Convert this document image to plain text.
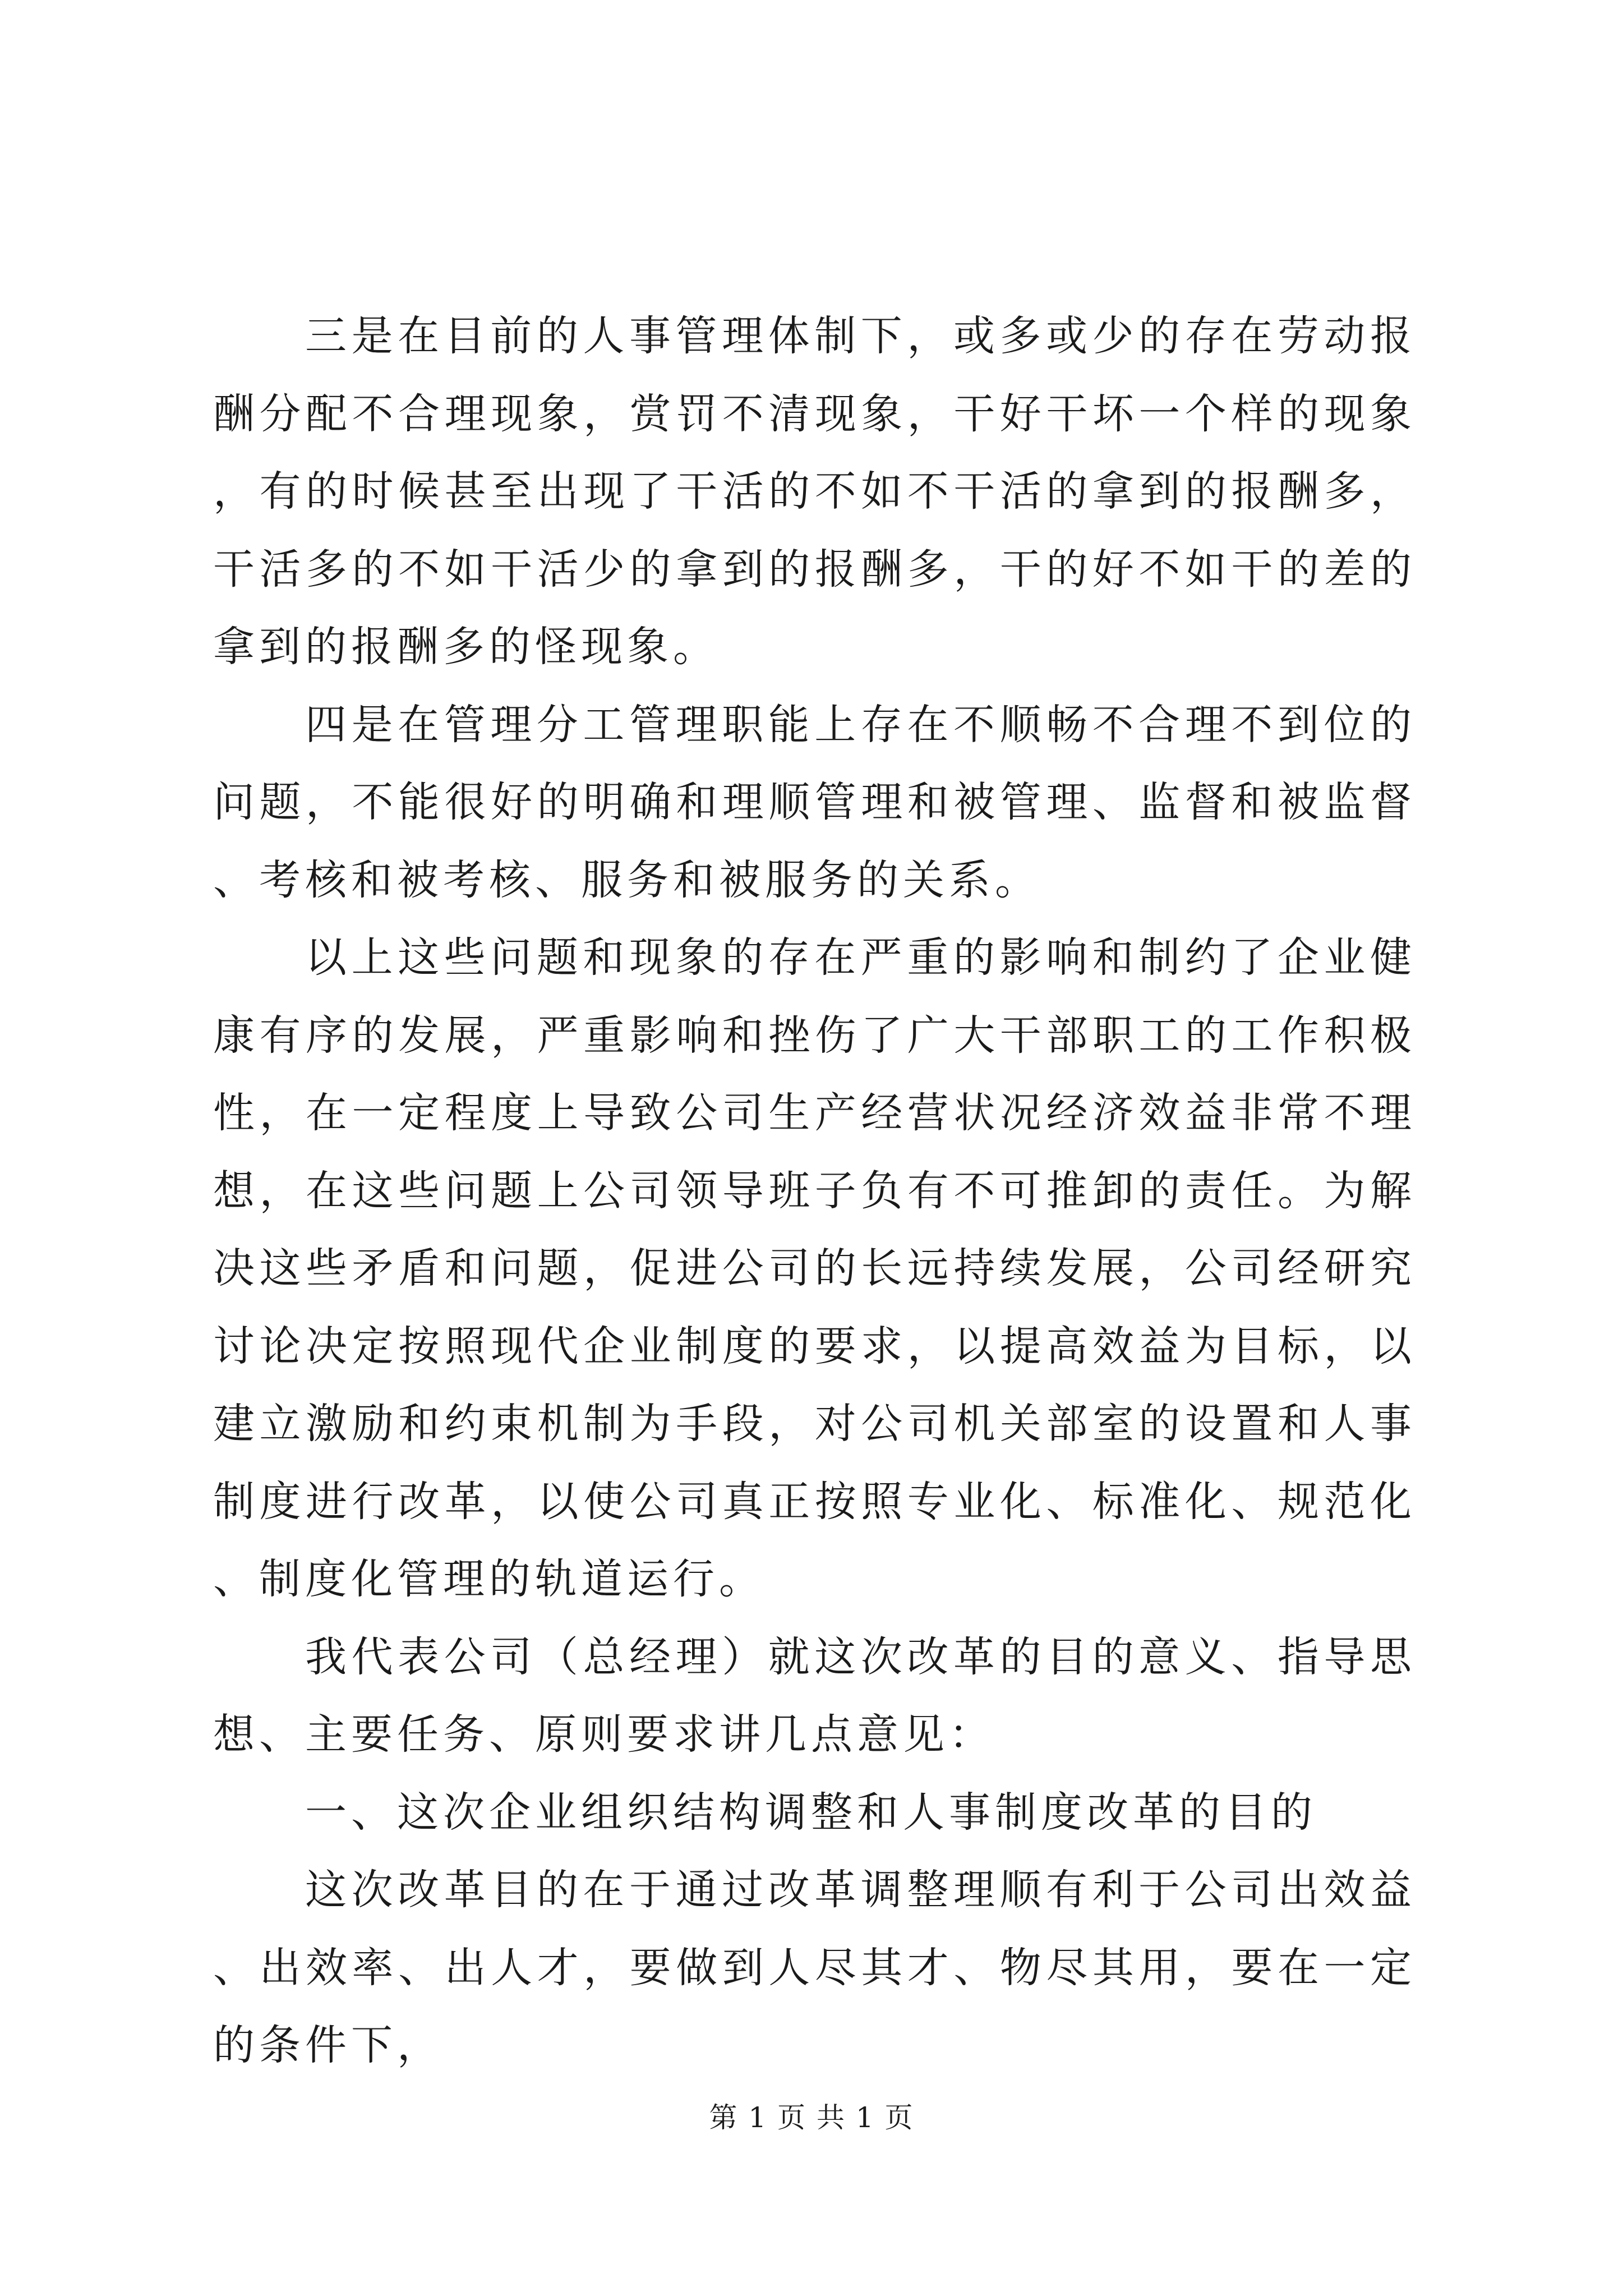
三是在目前的人事管理体制下，或多或少的存在劳动报酬分配不合理现象，赏罚不清现象，干好干坏一个样的现象，有的时候甚至出现了干活的不如不干活的拿到的报酬多，干活多的不如干活少的拿到的报酬多，干的好不如干的差的拿到的报酬多的怪现象。

四是在管理分工管理职能上存在不顺畅不合理不到位的问题，不能很好的明确和理顺管理和被管理、监督和被监督、考核和被考核、服务和被服务的关系。

以上这些问题和现象的存在严重的影响和制约了企业健康有序的发展，严重影响和挫伤了广大干部职工的工作积极性，在一定程度上导致公司生产经营状况经济效益非常不理想，在这些问题上公司领导班子负有不可推卸的责任。为解决这些矛盾和问题，促进公司的长远持续发展，公司经研究讨论决定按照现代企业制度的要求，以提高效益为目标，以建立激励和约束机制为手段，对公司机关部室的设置和人事制度进行改革，以使公司真正按照专业化、标准化、规范化、制度化管理的轨道运行。

我代表公司（总经理）就这次改革的目的意义、指导思想、主要任务、原则要求讲几点意见：

一、这次企业组织结构调整和人事制度改革的目的

这次改革目的在于通过改革调整理顺有利于公司出效益、出效率、出人才，要做到人尽其才、物尽其用，要在一定的条件下，

第 1 页 共 1 页
